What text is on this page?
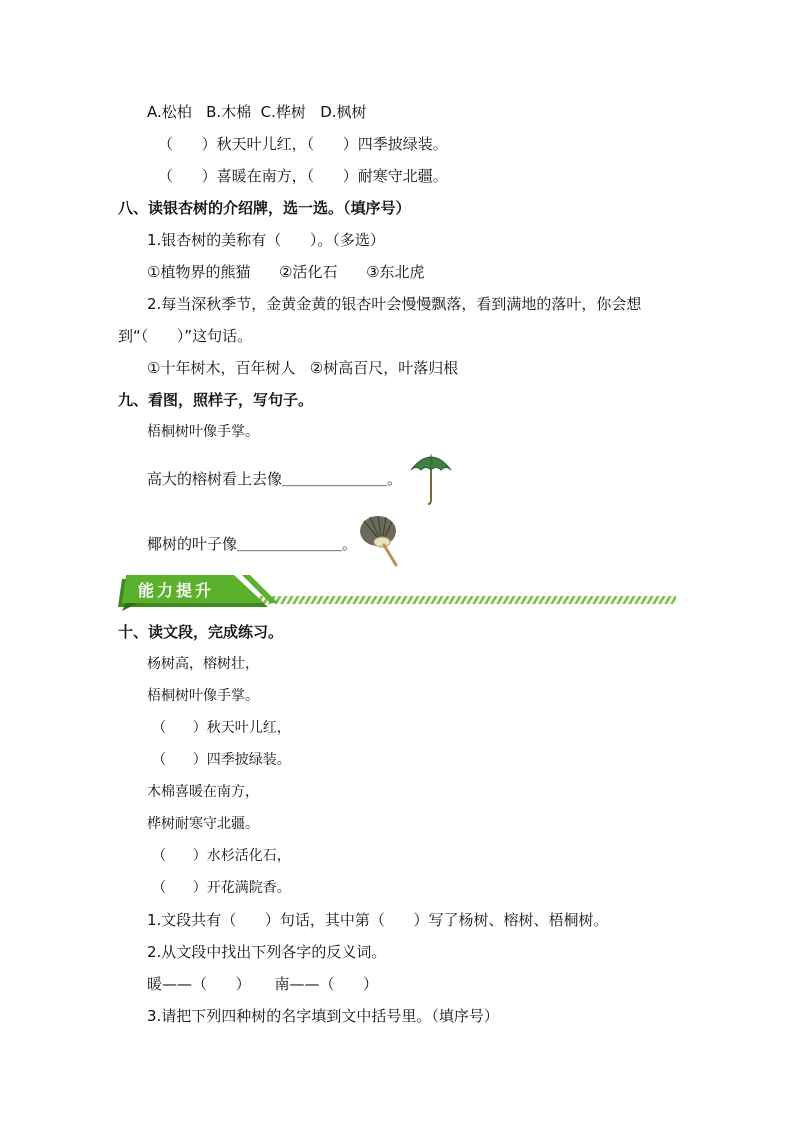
A.松柏   B.木棉  C.桦树   D.枫树
（      ）秋天叶儿红，（      ）四季披绿装。
（      ）喜暖在南方，（      ）耐寒守北疆。
八、读银杏树的介绍牌，选一选。（填序号）
1.银杏树的美称有（      ）。（多选）
①植物界的熊猫      ②活化石      ③东北虎
2.每当深秋季节，金黄金黄的银杏叶会慢慢飘落，看到满地的落叶，你会想
到“（      ）”这句话。
①十年树木，百年树人   ②树高百尺，叶落归根
九、看图，照样子，写句子。
梧桐树叶像手掌。
高大的榕树看上去像＿＿＿＿＿＿＿。
椰树的叶子像＿＿＿＿＿＿＿。
能力提升
十、读文段，完成练习。
杨树高，榕树壮，
梧桐树叶像手掌。
（      ）秋天叶儿红，
（      ）四季披绿装。
木棉喜暖在南方，
桦树耐寒守北疆。
（      ）水杉活化石，
（      ）开花满院香。
1.文段共有（      ）句话，其中第（      ）写了杨树、榕树、梧桐树。
2.从文段中找出下列各字的反义词。
暖——（      ）     南——（      ）
3.请把下列四种树的名字填到文中括号里。（填序号）
